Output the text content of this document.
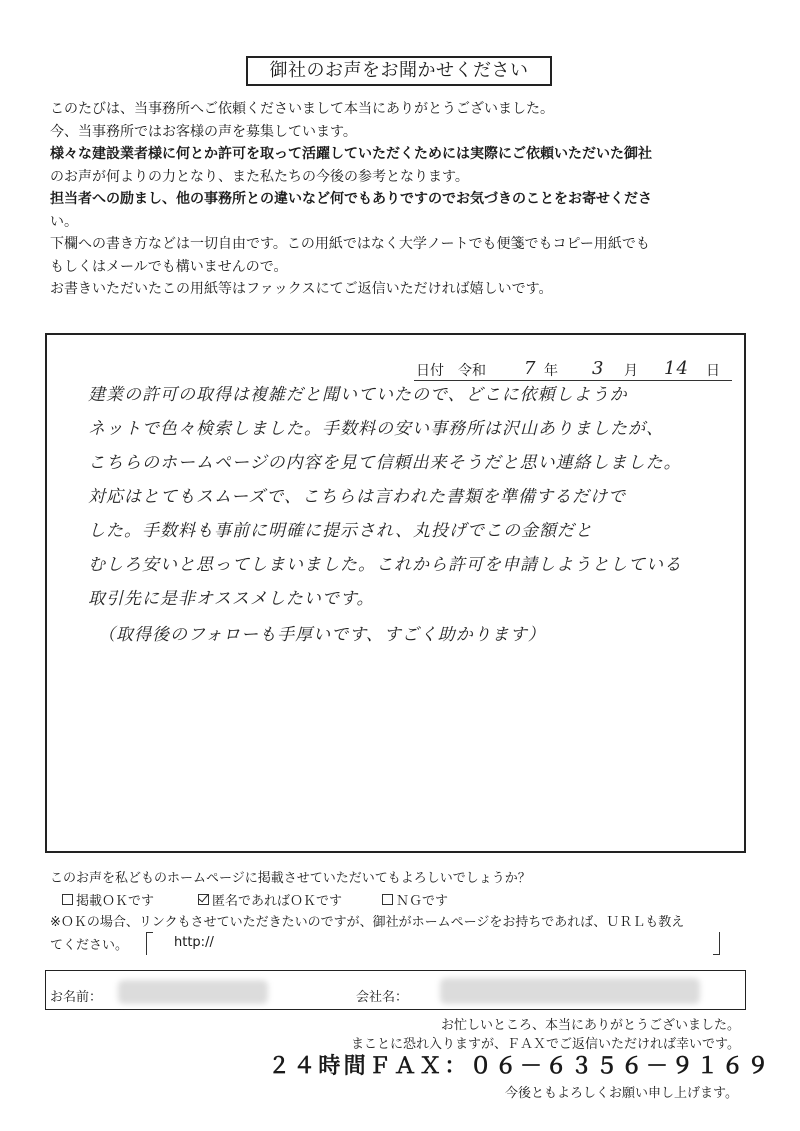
御社のお声をお聞かせください
このたびは、当事務所へご依頼くださいまして本当にありがとうございました。
今、当事務所ではお客様の声を募集しています。
様々な建設業者様に何とか許可を取って活躍していただくためには実際にご依頼いただいた御社
のお声が何よりの力となり、また私たちの今後の参考となります。
担当者への励まし、他の事務所との違いなど何でもありですのでお気づきのことをお寄せくださ
い。
下欄への書き方などは一切自由です。この用紙ではなく大学ノートでも便箋でもコピー用紙でも
もしくはメールでも構いませんので。
お書きいただいたこの用紙等はファックスにてご返信いただければ嬉しいです。
日付 令和 7 年 3 月 14 日
建業の許可の取得は複雑だと聞いていたので、どこに依頼しようか
ネットで色々検索しました。手数料の安い事務所は沢山ありましたが、
こちらのホームページの内容を見て信頼出来そうだと思い連絡しました。
対応はとてもスムーズで、こちらは言われた書類を準備するだけで
した。手数料も事前に明確に提示され、丸投げでこの金額だと
むしろ安いと思ってしまいました。これから許可を申請しようとしている
取引先に是非オススメしたいです。
（取得後のフォローも手厚いです、すごく助かります）
このお声を私どものホームページに掲載させていただいてもよろしいでしょうか？
掲載ＯＫです	匿名であればＯＫです	ＮＧです
※ＯＫの場合、リンクもさせていただきたいのですが、御社がホームページをお持ちであれば、ＵＲＬも教え
てください。	http://
お名前：	会社名：
お忙しいところ、本当にありがとうございました。
まことに恐れ入りますが、ＦＡＸでご返信いただければ幸いです。
２４時間ＦＡＸ：０６－６３５６－９１６９
今後ともよろしくお願い申し上げます。
